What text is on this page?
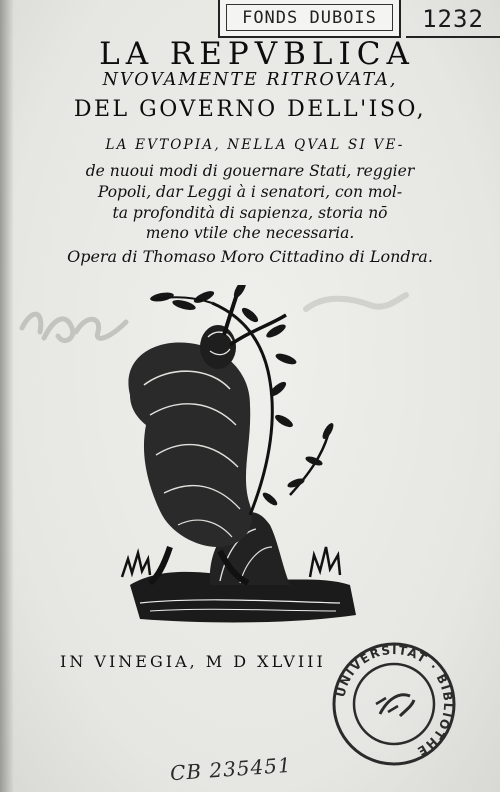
FONDS DUBOIS	1232
LA REPVBLICA
NVOVAMENTE RITROVATA,
DEL GOVERNO DELL'ISO,
LA EVTOPIA, NELLA QVAL SI VE-
de nuoui modi di gouernare Stati, reggier
Popoli, dar Leggi à i senatori, con mol-
ta profondità di sapienza, storia nō
meno vtile che necessaria.
Opera di Thomaso Moro Cittadino di Londra.
IN VINEGIA, M D XLVIII
UNIVERSITAT · BIBLIOTHE
CB 235451
